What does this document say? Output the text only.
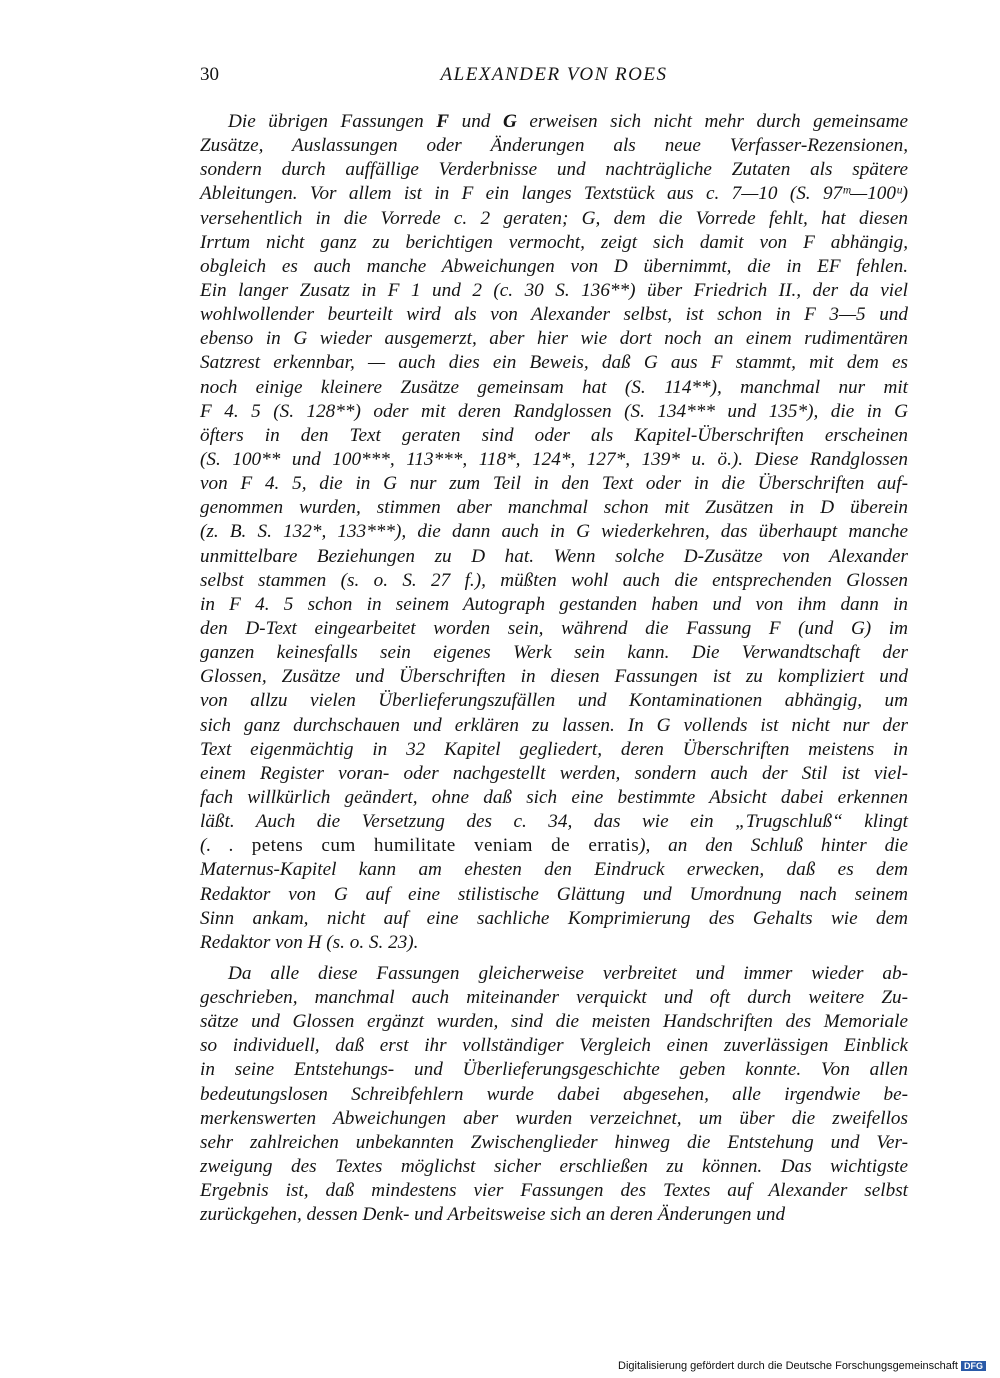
30	ALEXANDER VON ROES
Die übrigen Fassungen F und G erweisen sich nicht mehr durch gemeinsame
Zusätze, Auslassungen oder Änderungen als neue Verfasser-Rezensionen,
sondern durch auffällige Verderbnisse und nachträgliche Zutaten als spätere
Ableitungen. Vor allem ist in F ein langes Textstück aus c. 7—10 (S. 97ᵐ—100ᵘ)
versehentlich in die Vorrede c. 2 geraten; G, dem die Vorrede fehlt, hat diesen
Irrtum nicht ganz zu berichtigen vermocht, zeigt sich damit von F abhängig,
obgleich es auch manche Abweichungen von D übernimmt, die in EF fehlen.
Ein langer Zusatz in F 1 und 2 (c. 30 S. 136**) über Friedrich II., der da viel
wohlwollender beurteilt wird als von Alexander selbst, ist schon in F 3—5 und
ebenso in G wieder ausgemerzt, aber hier wie dort noch an einem rudimentären
Satzrest erkennbar, — auch dies ein Beweis, daß G aus F stammt, mit dem es
noch einige kleinere Zusätze gemeinsam hat (S. 114**), manchmal nur mit
F 4. 5 (S. 128**) oder mit deren Randglossen (S. 134*** und 135*), die in G
öfters in den Text geraten sind oder als Kapitel-Überschriften erscheinen
(S. 100** und 100***, 113***, 118*, 124*, 127*, 139* u. ö.). Diese Randglossen
von F 4. 5, die in G nur zum Teil in den Text oder in die Überschriften auf-
genommen wurden, stimmen aber manchmal schon mit Zusätzen in D überein
(z. B. S. 132*, 133***), die dann auch in G wiederkehren, das überhaupt manche
unmittelbare Beziehungen zu D hat. Wenn solche D-Zusätze von Alexander
selbst stammen (s. o. S. 27 f.), müßten wohl auch die entsprechenden Glossen
in F 4. 5 schon in seinem Autograph gestanden haben und von ihm dann in
den D-Text eingearbeitet worden sein, während die Fassung F (und G) im
ganzen keinesfalls sein eigenes Werk sein kann. Die Verwandtschaft der
Glossen, Zusätze und Überschriften in diesen Fassungen ist zu kompliziert und
von allzu vielen Überlieferungszufällen und Kontaminationen abhängig, um
sich ganz durchschauen und erklären zu lassen. In G vollends ist nicht nur der
Text eigenmächtig in 32 Kapitel gegliedert, deren Überschriften meistens in
einem Register voran- oder nachgestellt werden, sondern auch der Stil ist viel-
fach willkürlich geändert, ohne daß sich eine bestimmte Absicht dabei erkennen
läßt. Auch die Versetzung des c. 34, das wie ein „Trugschluß“ klingt
(. . petens cum humilitate veniam de erratis), an den Schluß hinter die
Maternus-Kapitel kann am ehesten den Eindruck erwecken, daß es dem
Redaktor von G auf eine stilistische Glättung und Umordnung nach seinem
Sinn ankam, nicht auf eine sachliche Komprimierung des Gehalts wie dem
Redaktor von H (s. o. S. 23).
Da alle diese Fassungen gleicherweise verbreitet und immer wieder ab-
geschrieben, manchmal auch miteinander verquickt und oft durch weitere Zu-
sätze und Glossen ergänzt wurden, sind die meisten Handschriften des Memoriale
so individuell, daß erst ihr vollständiger Vergleich einen zuverlässigen Einblick
in seine Entstehungs- und Überlieferungsgeschichte geben konnte. Von allen
bedeutungslosen Schreibfehlern wurde dabei abgesehen, alle irgendwie be-
merkenswerten Abweichungen aber wurden verzeichnet, um über die zweifellos
sehr zahlreichen unbekannten Zwischenglieder hinweg die Entstehung und Ver-
zweigung des Textes möglichst sicher erschließen zu können. Das wichtigste
Ergebnis ist, daß mindestens vier Fassungen des Textes auf Alexander selbst
zurückgehen, dessen Denk- und Arbeitsweise sich an deren Änderungen und
Digitalisierung gefördert durch die Deutsche Forschungsgemeinschaft DFG
